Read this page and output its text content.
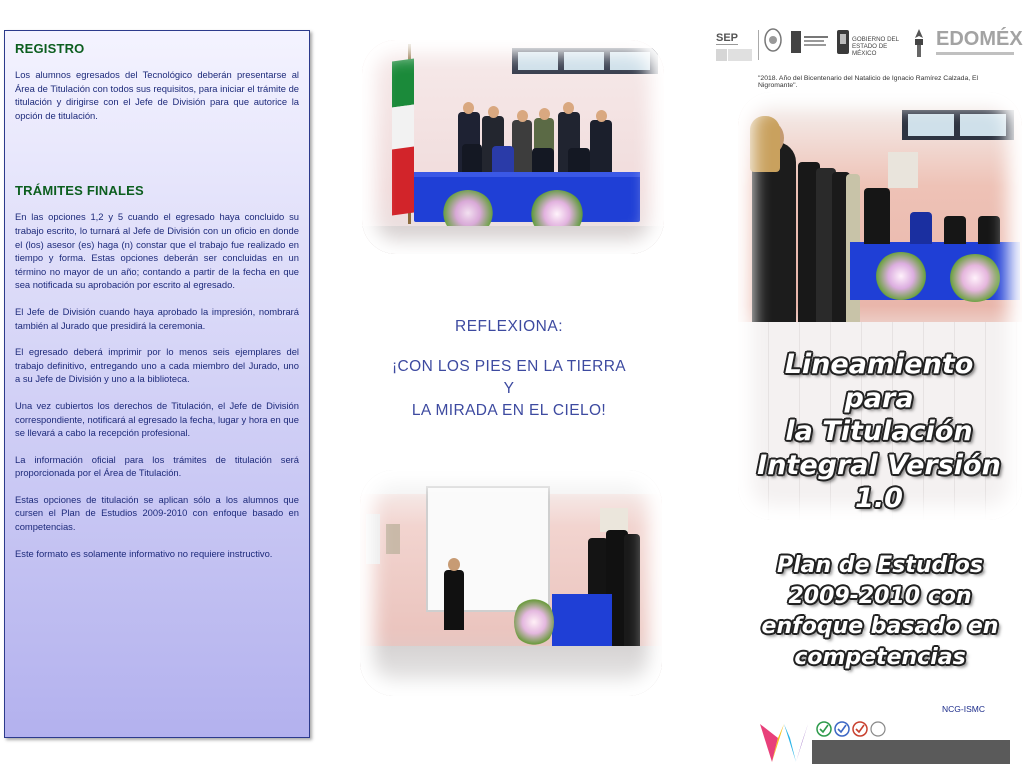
REGISTRO

Los alumnos egresados del Tecnológico deberán presentarse al Área de Titulación con todos sus requisitos, para iniciar el trámite de titulación y dirigirse con el Jefe de División para que autorice la opción de titulación.

TRÁMITES FINALES

En las opciones 1,2 y 5 cuando el egresado haya concluido su trabajo escrito, lo turnará al Jefe de División con un oficio en donde el (los) asesor (es) haga (n) constar que el trabajo fue realizado en tiempo y forma. Estas opciones deberán ser concluidas en un término no mayor de un año; contando a partir de la fecha en que sea notificada su aprobación por escrito al egresado.

El Jefe de División cuando haya aprobado la impresión, nombrará también al Jurado que presidirá la ceremonia.

El egresado deberá imprimir por lo menos seis ejemplares del trabajo definitivo, entregando uno a cada miembro del Jurado, uno a su Jefe de División y uno a la biblioteca.

Una vez cubiertos los derechos de Titulación, el Jefe de División correspondiente, notificará al egresado la fecha, lugar y hora en que se llevará a cabo la recepción profesional.

La información oficial para los trámites de titulación será proporcionada por el Área de Titulación.

Estas opciones de titulación se aplican sólo a los alumnos que cursen el Plan de Estudios 2009-2010 con enfoque basado en competencias.

Este formato es solamente informativo no requiere instructivo.

REFLEXIONA:
¡CON LOS PIES EN LA TIERRA
Y
LA MIRADA EN EL CIELO!
SEP	GOBIERNO DEL ESTADO DE MÉXICO
EDOMÉX
"2018. Año del Bicentenario del Natalicio de Ignacio Ramírez Calzada, El Nigromante".
Lineamiento
para
la Titulación
Integral Versión
1.0
Plan de Estudios
2009-2010 con
enfoque basado en
competencias
NCG-ISMC
